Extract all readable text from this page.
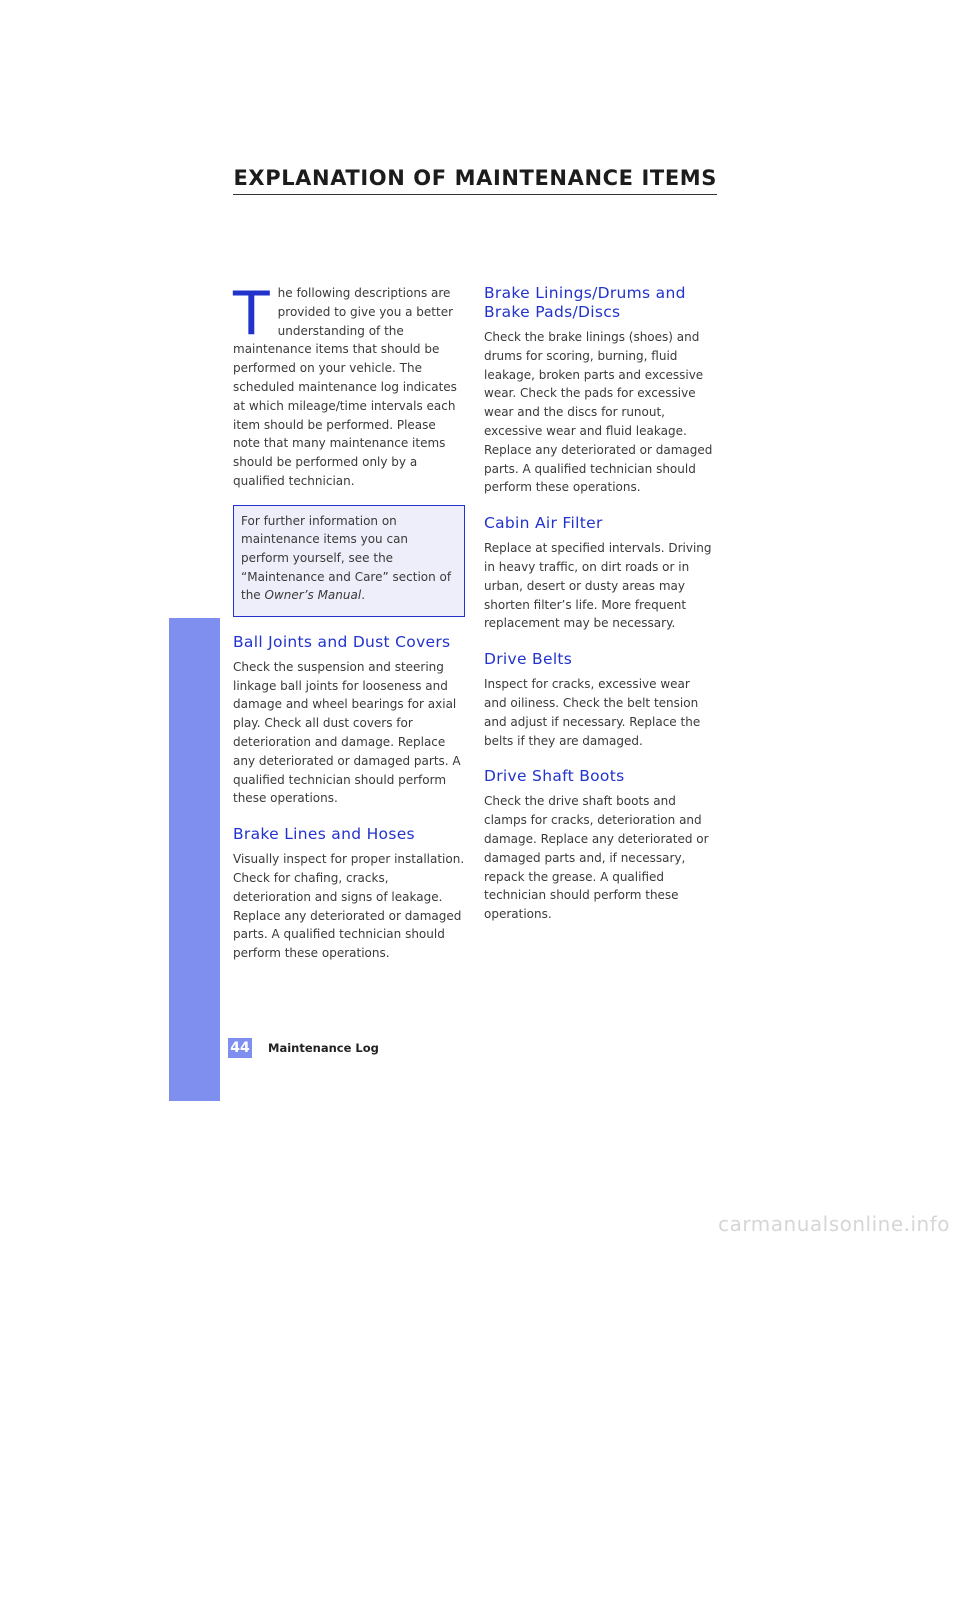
EXPLANATION OF MAINTENANCE ITEMS
MAINTENANCE

The following descriptions are provided to give you a better understanding of the maintenance items that should be performed on your vehicle. The scheduled maintenance log indicates at which mileage/time intervals each item should be performed. Please note that many maintenance items should be performed only by a qualified technician.

For further information on maintenance items you can perform yourself, see the “Maintenance and Care” section of the Owner’s Manual.

Ball Joints and Dust Covers

Check the suspension and steering linkage ball joints for looseness and damage and wheel bearings for axial play. Check all dust covers for deterioration and damage. Replace any deteriorated or damaged parts. A qualified technician should perform these operations.

Brake Lines and Hoses

Visually inspect for proper installation. Check for chafing, cracks, deterioration and signs of leakage. Replace any deteriorated or damaged parts. A qualified technician should perform these operations.

Brake Linings/Drums and Brake Pads/Discs

Check the brake linings (shoes) and drums for scoring, burning, fluid leakage, broken parts and excessive wear. Check the pads for excessive wear and the discs for runout, excessive wear and fluid leakage. Replace any deteriorated or damaged parts. A qualified technician should perform these operations.

Cabin Air Filter

Replace at specified intervals. Driving in heavy traffic, on dirt roads or in urban, desert or dusty areas may shorten filter’s life. More frequent replacement may be necessary.

Drive Belts

Inspect for cracks, excessive wear and oiliness. Check the belt tension and adjust if necessary. Replace the belts if they are damaged.

Drive Shaft Boots

Check the drive shaft boots and clamps for cracks, deterioration and damage. Replace any deteriorated or damaged parts and, if necessary, repack the grease. A qualified technician should perform these operations.

44 Maintenance Log
carmanualsonline.info
